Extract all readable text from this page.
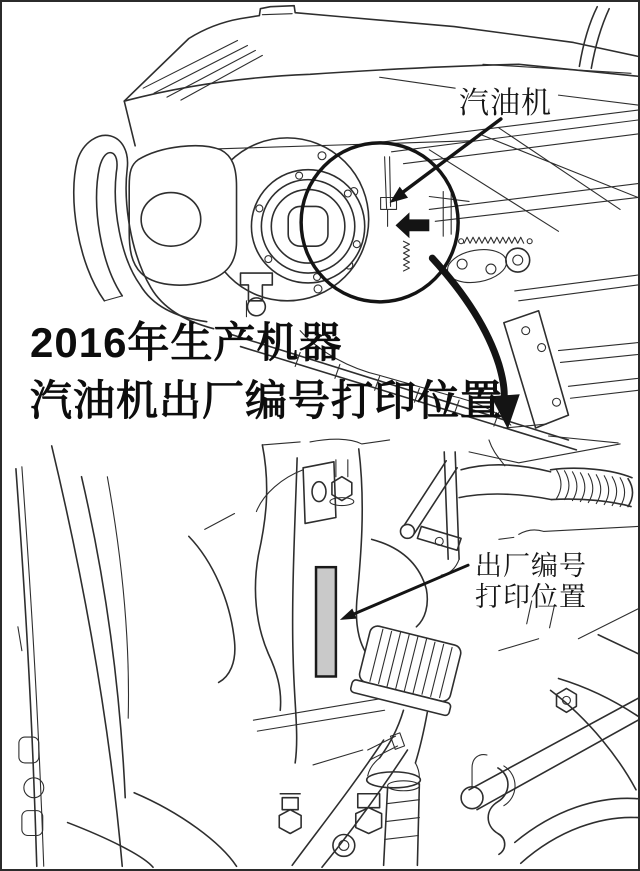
汽油机
2016年生产机器
汽油机出厂编号打印位置
出厂编号
打印位置
